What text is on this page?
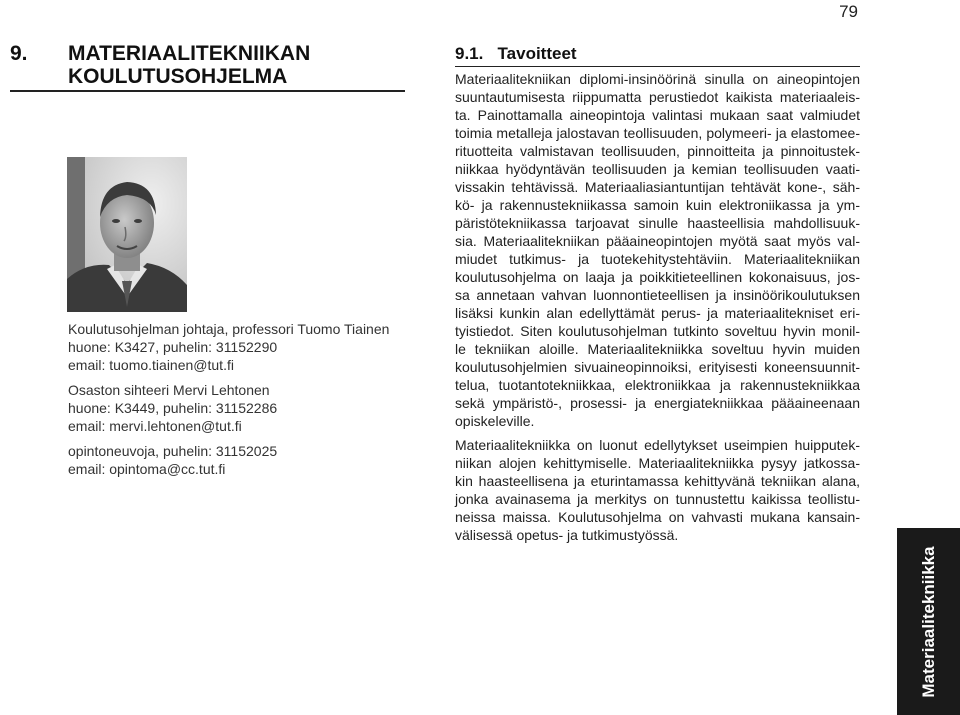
79
9.	MATERIAALITEKNIIKAN
KOULUTUSOHJELMA
Koulutusohjelman johtaja, professori Tuomo Tiainen
huone: K3427, puhelin: 31152290
email: tuomo.tiainen@tut.fi
Osaston sihteeri Mervi Lehtonen
huone: K3449, puhelin: 31152286
email: mervi.lehtonen@tut.fi
opintoneuvoja, puhelin: 31152025
email: opintoma@cc.tut.fi
9.1. Tavoitteet

Materiaalitekniikan diplomi-insinöörinä sinulla on aineopintojen
suuntautumisesta riippumatta perustiedot kaikista materiaaleis-
ta. Painottamalla aineopintoja valintasi mukaan saat valmiudet
toimia metalleja jalostavan teollisuuden, polymeeri- ja elastomee-
rituotteita valmistavan teollisuuden, pinnoitteita ja pinnoitustek-
niikkaa hyödyntävän teollisuuden ja kemian teollisuuden vaati-
vissakin tehtävissä. Materiaaliasiantuntijan tehtävät kone-, säh-
kö- ja rakennustekniikassa samoin kuin elektroniikassa ja ym-
päristötekniikassa tarjoavat sinulle haasteellisia mahdollisuuk-
sia. Materiaalitekniikan pääaineopintojen myötä saat myös val-
miudet tutkimus- ja tuotekehitystehtäviin. Materiaalitekniikan
koulutusohjelma on laaja ja poikkitieteellinen kokonaisuus, jos-
sa annetaan vahvan luonnontieteellisen ja insinöörikoulutuksen
lisäksi kunkin alan edellyttämät perus- ja materiaalitekniset eri-
tyistiedot. Siten koulutusohjelman tutkinto soveltuu hyvin monil-
le tekniikan aloille. Materiaalitekniikka soveltuu hyvin muiden
koulutusohjelmien sivuaineopinnoiksi, erityisesti koneensuunnit-
telua, tuotantotekniikkaa, elektroniikkaa ja rakennustekniikkaa
sekä ympäristö-, prosessi- ja energiatekniikkaa pääaineenaan
opiskeleville.

Materiaalitekniikka on luonut edellytykset useimpien huipputek-
niikan alojen kehittymiselle. Materiaalitekniikka pysyy jatkossa-
kin haasteellisena ja eturintamassa kehittyvänä tekniikan alana,
jonka avainasema ja merkitys on tunnustettu kaikissa teollistu-
neissa maissa. Koulutusohjelma on vahvasti mukana kansain-
välisessä opetus- ja tutkimustyössä.

Materiaalitekniikka
